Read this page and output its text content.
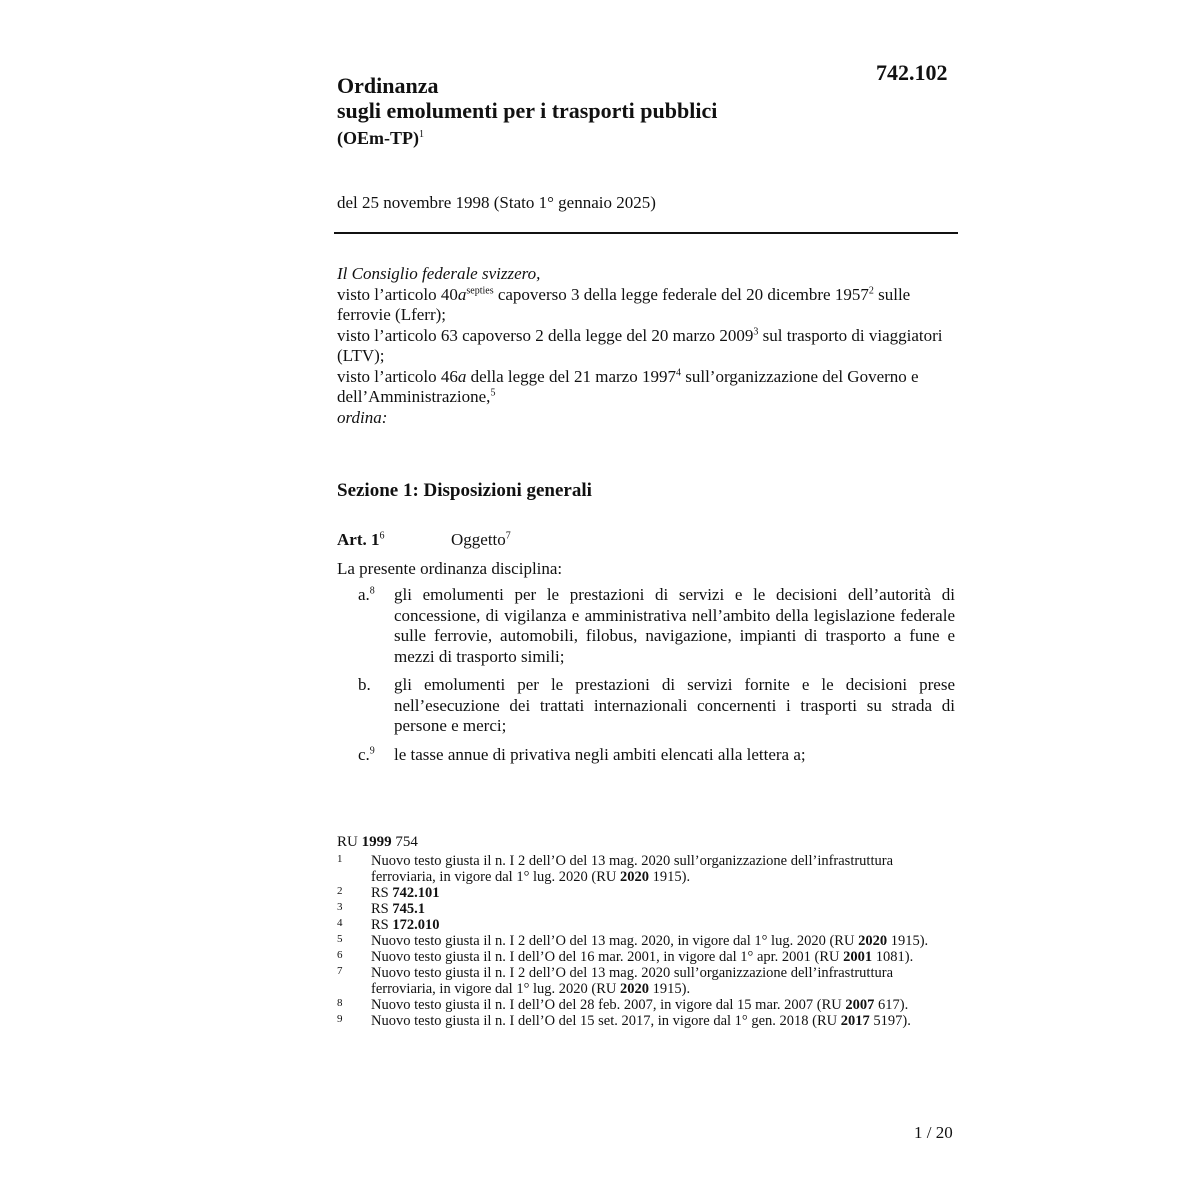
742.102
Ordinanza
sugli emolumenti per i trasporti pubblici
$(OEm-TP)^1$
del 25 novembre 1998 (Stato 1° gennaio 2025)
Il Consiglio federale svizzero,
visto l’articolo $40a^{septies}$ capoverso 3 della legge federale del 20 dicembre 1957$^2$ sulle ferrovie (Lferr);
visto l’articolo 63 capoverso 2 della legge del 20 marzo 2009$^3$ sul trasporto di viaggiatori (LTV);
visto l’articolo 46a della legge del 21 marzo 1997$^4$ sull’organizzazione del Governo e dell’Amministrazione,$^5$
ordina:
Sezione 1: Disposizioni generali
Art. $1^6$	Oggetto$^7$
La presente ordinanza disciplina:
a.$^8$ gli emolumenti per le prestazioni di servizi e le decisioni dell’autorità di concessione, di vigilanza e amministrativa nell’ambito della legislazione federale sulle ferrovie, automobili, filobus, navigazione, impianti di trasporto a fune e mezzi di trasporto simili;
b. gli emolumenti per le prestazioni di servizi fornite e le decisioni prese nell’esecuzione dei trattati internazionali concernenti i trasporti su strada di persone e merci;
c.$^9$ le tasse annue di privativa negli ambiti elencati alla lettera a;
RU 1999 754
1 Nuovo testo giusta il n. I 2 dell’O del 13 mag. 2020 sull’organizzazione dell’infrastruttura ferroviaria, in vigore dal 1° lug. 2020 (RU 2020 1915).
2 RS 742.101
3 RS 745.1
4 RS 172.010
5 Nuovo testo giusta il n. I 2 dell’O del 13 mag. 2020, in vigore dal 1° lug. 2020 (RU 2020 1915).
6 Nuovo testo giusta il n. I dell’O del 16 mar. 2001, in vigore dal 1° apr. 2001 (RU 2001 1081).
7 Nuovo testo giusta il n. I 2 dell’O del 13 mag. 2020 sull’organizzazione dell’infrastruttura ferroviaria, in vigore dal 1° lug. 2020 (RU 2020 1915).
8 Nuovo testo giusta il n. I dell’O del 28 feb. 2007, in vigore dal 15 mar. 2007 (RU 2007 617).
9 Nuovo testo giusta il n. I dell’O del 15 set. 2017, in vigore dal 1° gen. 2018 (RU 2017 5197).
1 / 20
